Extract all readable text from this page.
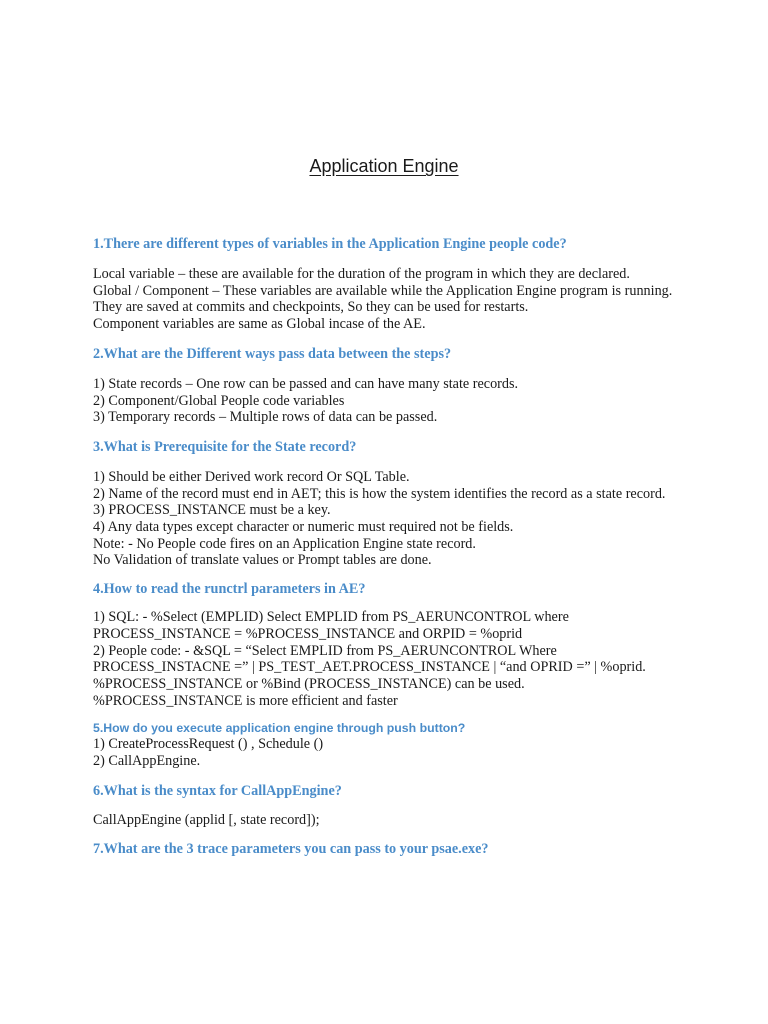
Application Engine

1.There are different types of variables in the Application Engine people code?

Local variable – these are available for the duration of the program in which they are declared.

Global / Component – These variables are available while the Application Engine program is running. They are saved at commits and checkpoints, So they can be used for restarts.

Component variables are same as Global incase of the AE.

2.What are the Different ways pass data between the steps?

1) State records – One row can be passed and can have many state records.

2) Component/Global People code variables

3) Temporary records – Multiple rows of data can be passed.

3.What is Prerequisite for the State record?

1) Should be either Derived work record Or SQL Table.

2) Name of the record must end in AET; this is how the system identifies the record as a state record.

3) PROCESS_INSTANCE must be a key.

4) Any data types except character or numeric must required not be fields.

Note: - No People code fires on an Application Engine state record.

No Validation of translate values or Prompt tables are done.

4.How to read the runctrl parameters in AE?

1) SQL: - %Select (EMPLID) Select EMPLID from PS_AERUNCONTROL where PROCESS_INSTANCE = %PROCESS_INSTANCE and ORPID = %oprid

2) People code: - &SQL = “Select EMPLID from PS_AERUNCONTROL Where PROCESS_INSTACNE =” | PS_TEST_AET.PROCESS_INSTANCE | “and OPRID =” | %oprid.

%PROCESS_INSTANCE or %Bind (PROCESS_INSTANCE) can be used.

%PROCESS_INSTANCE is more efficient and faster

5.How do you execute application engine through push button?

1) CreateProcessRequest () , Schedule ()

2) CallAppEngine.

6.What is the syntax for CallAppEngine?

CallAppEngine (applid [, state record]);

7.What are the 3 trace parameters you can pass to your psae.exe?
